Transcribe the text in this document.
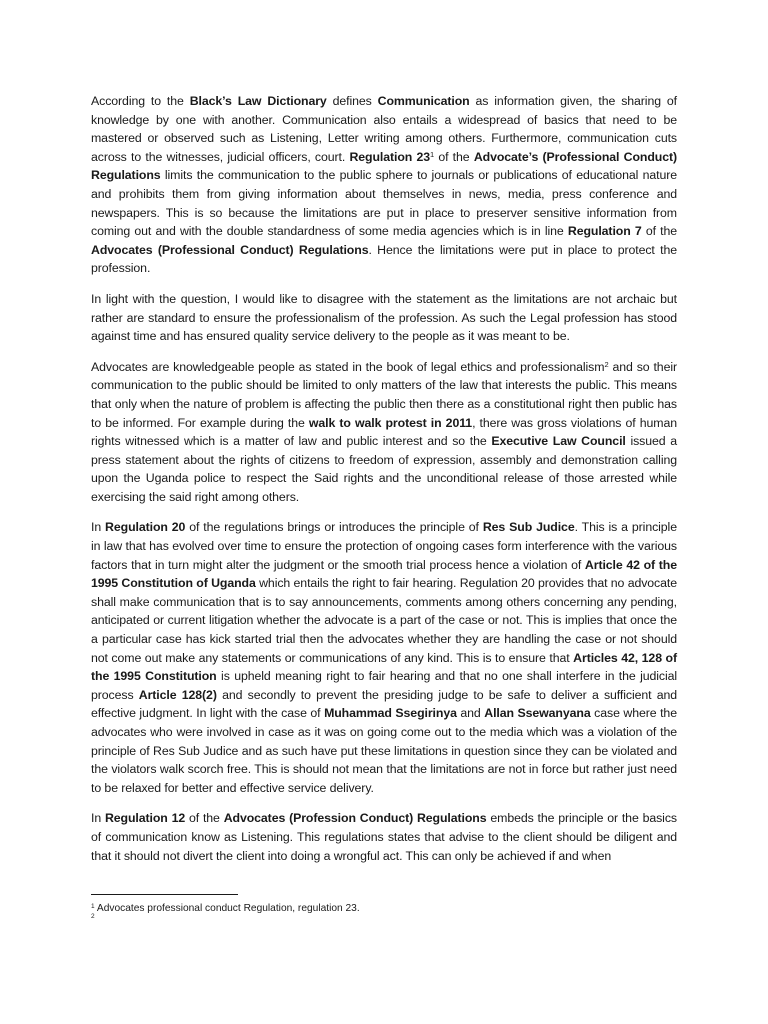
According to the Black’s Law Dictionary defines Communication as information given, the sharing of knowledge by one with another. Communication also entails a widespread of basics that need to be mastered or observed such as Listening, Letter writing among others. Furthermore, communication cuts across to the witnesses, judicial officers, court. Regulation $23^1$ of the Advocate’s (Professional Conduct) Regulations limits the communication to the public sphere to journals or publications of educational nature and prohibits them from giving information about themselves in news, media, press conference and newspapers. This is so because the limitations are put in place to preserver sensitive information from coming out and with the double standardness of some media agencies which is in line Regulation 7 of the Advocates (Professional Conduct) Regulations. Hence the limitations were put in place to protect the profession.

In light with the question, I would like to disagree with the statement as the limitations are not archaic but rather are standard to ensure the professionalism of the profession. As such the Legal profession has stood against time and has ensured quality service delivery to the people as it was meant to be.

Advocates are knowledgeable people as stated in the book of legal ethics and professionalism$^2$ and so their communication to the public should be limited to only matters of the law that interests the public. This means that only when the nature of problem is affecting the public then there as a constitutional right then public has to be informed. For example during the walk to walk protest in 2011, there was gross violations of human rights witnessed which is a matter of law and public interest and so the Executive Law Council issued a press statement about the rights of citizens to freedom of expression, assembly and demonstration calling upon the Uganda police to respect the Said rights and the unconditional release of those arrested while exercising the said right among others.

In Regulation 20 of the regulations brings or introduces the principle of Res Sub Judice. This is a principle in law that has evolved over time to ensure the protection of ongoing cases form interference with the various factors that in turn might alter the judgment or the smooth trial process hence a violation of Article 42 of the 1995 Constitution of Uganda which entails the right to fair hearing. Regulation 20 provides that no advocate shall make communication that is to say announcements, comments among others concerning any pending, anticipated or current litigation whether the advocate is a part of the case or not. This is implies that once the a particular case has kick started trial then the advocates whether they are handling the case or not should not come out make any statements or communications of any kind. This is to ensure that Articles 42, 128 of the 1995 Constitution is upheld meaning right to fair hearing and that no one shall interfere in the judicial process Article 128(2) and secondly to prevent the presiding judge to be safe to deliver a sufficient and effective judgment. In light with the case of Muhammad Ssegirinya and Allan Ssewanyana case where the advocates who were involved in case as it was on going come out to the media which was a violation of the principle of Res Sub Judice and as such have put these limitations in question since they can be violated and the violators walk scorch free. This is should not mean that the limitations are not in force but rather just need to be relaxed for better and effective service delivery.

In Regulation 12 of the Advocates (Profession Conduct) Regulations embeds the principle or the basics of communication know as Listening. This regulations states that advise to the client should be diligent and that it should not divert the client into doing a wrongful act. This can only be achieved if and when

$^1$ Advocates professional conduct Regulation, regulation 23.
$^2$
